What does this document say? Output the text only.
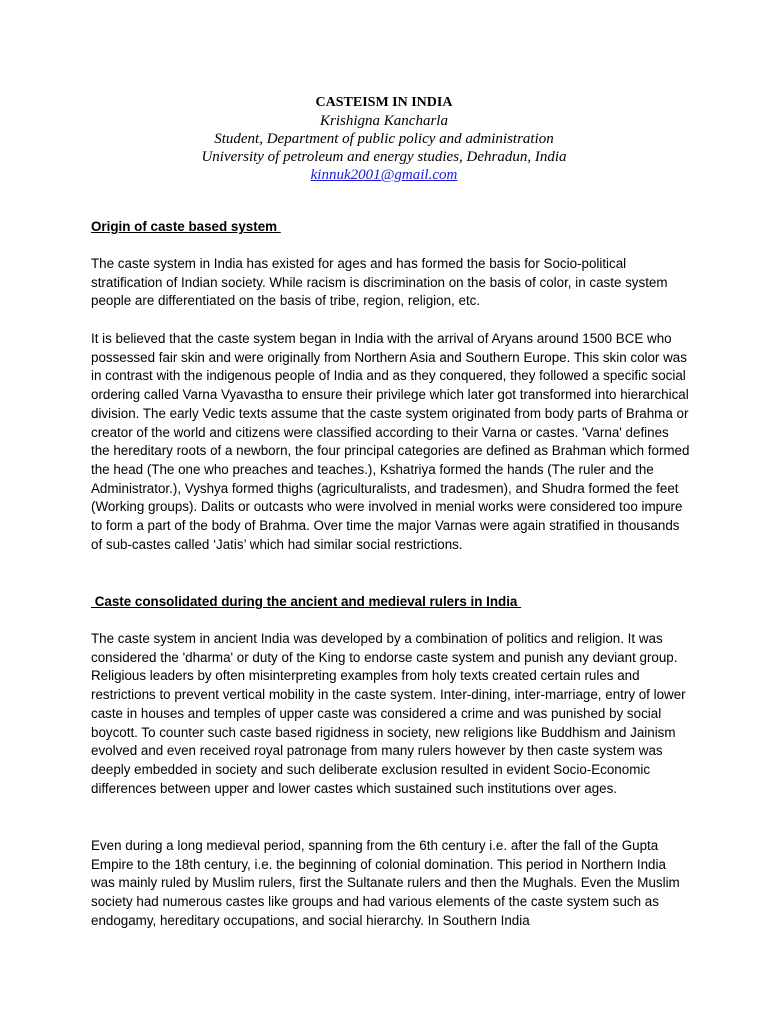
CASTEISM IN INDIA
Krishigna Kancharla
Student, Department of public policy and administration
University of petroleum and energy studies, Dehradun, India
kinnuk2001@gmail.com
Origin of caste based system

The caste system in India has existed for ages and has formed the basis for Socio-political stratification of Indian society. While racism is discrimination on the basis of color, in caste system people are differentiated on the basis of tribe, region, religion, etc.

It is believed that the caste system began in India with the arrival of Aryans around 1500 BCE who possessed fair skin and were originally from Northern Asia and Southern Europe. This skin color was in contrast with the indigenous people of India and as they conquered, they followed a specific social ordering called Varna Vyavastha to ensure their privilege which later got transformed into hierarchical division. The early Vedic texts assume that the caste system originated from body parts of Brahma or creator of the world and citizens were classified according to their Varna or castes. 'Varna' defines the hereditary roots of a newborn, the four principal categories are defined as Brahman which formed the head (The one who preaches and teaches.), Kshatriya formed the hands (The ruler and the Administrator.), Vyshya formed thighs (agriculturalists, and tradesmen), and Shudra formed the feet (Working groups). Dalits or outcasts who were involved in menial works were considered too impure to form a part of the body of Brahma. Over time the major Varnas were again stratified in thousands of sub-castes called ‘Jatis’ which had similar social restrictions.

Caste consolidated during the ancient and medieval rulers in India

The caste system in ancient India was developed by a combination of politics and religion. It was considered the 'dharma' or duty of the King to endorse caste system and punish any deviant group. Religious leaders by often misinterpreting examples from holy texts created certain rules and restrictions to prevent vertical mobility in the caste system. Inter-dining, inter-marriage, entry of lower caste in houses and temples of upper caste was considered a crime and was punished by social boycott. To counter such caste based rigidness in society, new religions like Buddhism and Jainism evolved and even received royal patronage from many rulers however by then caste system was deeply embedded in society and such deliberate exclusion resulted in evident Socio-Economic differences between upper and lower castes which sustained such institutions over ages.

Even during a long medieval period, spanning from the 6th century i.e. after the fall of the Gupta Empire to the 18th century, i.e. the beginning of colonial domination. This period in Northern India was mainly ruled by Muslim rulers, first the Sultanate rulers and then the Mughals. Even the Muslim society had numerous castes like groups and had various elements of the caste system such as endogamy, hereditary occupations, and social hierarchy. In Southern India
